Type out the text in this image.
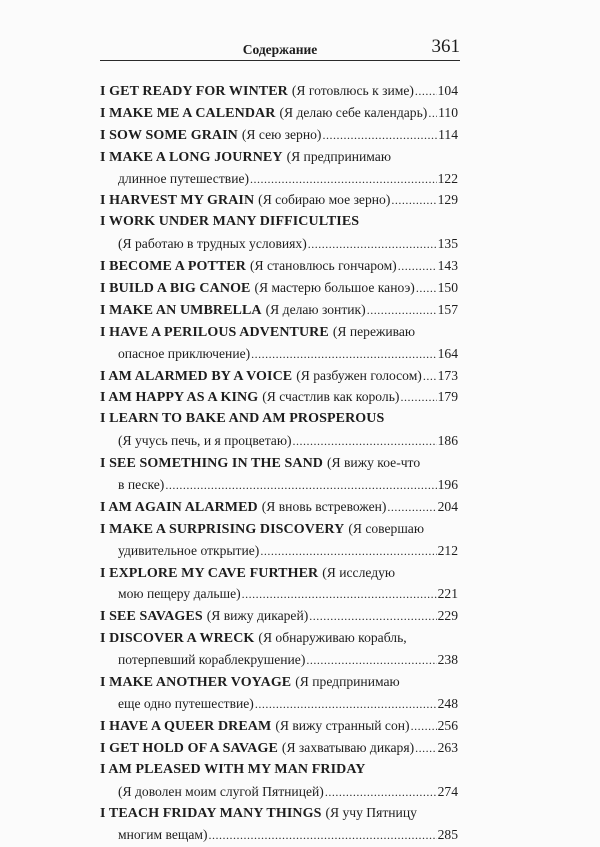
Содержание	361
I GET READY FOR WINTER (Я готовлюсь к зиме) ..... 104
I MAKE ME A CALENDAR (Я делаю себе календарь) ..... 110
I SOW SOME GRAIN (Я сею зерно) .....	114
I MAKE A LONG JOURNEY (Я предпринимаю
длинное путешествие) .....	122
I HARVEST MY GRAIN (Я собираю мое зерно) .....	129
I WORK UNDER MANY DIFFICULTIES
(Я работаю в трудных условиях) .....	135
I BECOME A POTTER (Я становлюсь гончаром) .....	143
I BUILD A BIG CANOE (Я мастерю большое каноэ) ..... 150
I MAKE AN UMBRELLA (Я делаю зонтик) .....	157
I HAVE A PERILOUS ADVENTURE (Я переживаю
опасное приключение) .....	164
I AM ALARMED BY A VOICE (Я разбужен голосом) ..... 173
I AM HAPPY AS A KING (Я счастлив как король) .....	179
I LEARN TO BAKE AND AM PROSPEROUS
(Я учусь печь, и я процветаю) .....	186
I SEE SOMETHING IN THE SAND (Я вижу кое-что
в песке) .....	196
I AM AGAIN ALARMED (Я вновь встревожен) .....	204
I MAKE A SURPRISING DISCOVERY (Я совершаю
удивительное открытие) .....	212
I EXPLORE MY CAVE FURTHER (Я исследую
мою пещеру дальше) .....	221
I SEE SAVAGES (Я вижу дикарей) .....	229
I DISCOVER A WRECK (Я обнаруживаю корабль,
потерпевший кораблекрушение) .....	238
I MAKE ANOTHER VOYAGE (Я предпринимаю
еще одно путешествие) .....	248
I HAVE A QUEER DREAM (Я вижу странный сон) ..... 256
I GET HOLD OF A SAVAGE (Я захватываю дикаря) ..... 263
I AM PLEASED WITH MY MAN FRIDAY
(Я доволен моим слугой Пятницей) .....	274
I TEACH FRIDAY MANY THINGS (Я учу Пятницу
многим вещам) .....	285
